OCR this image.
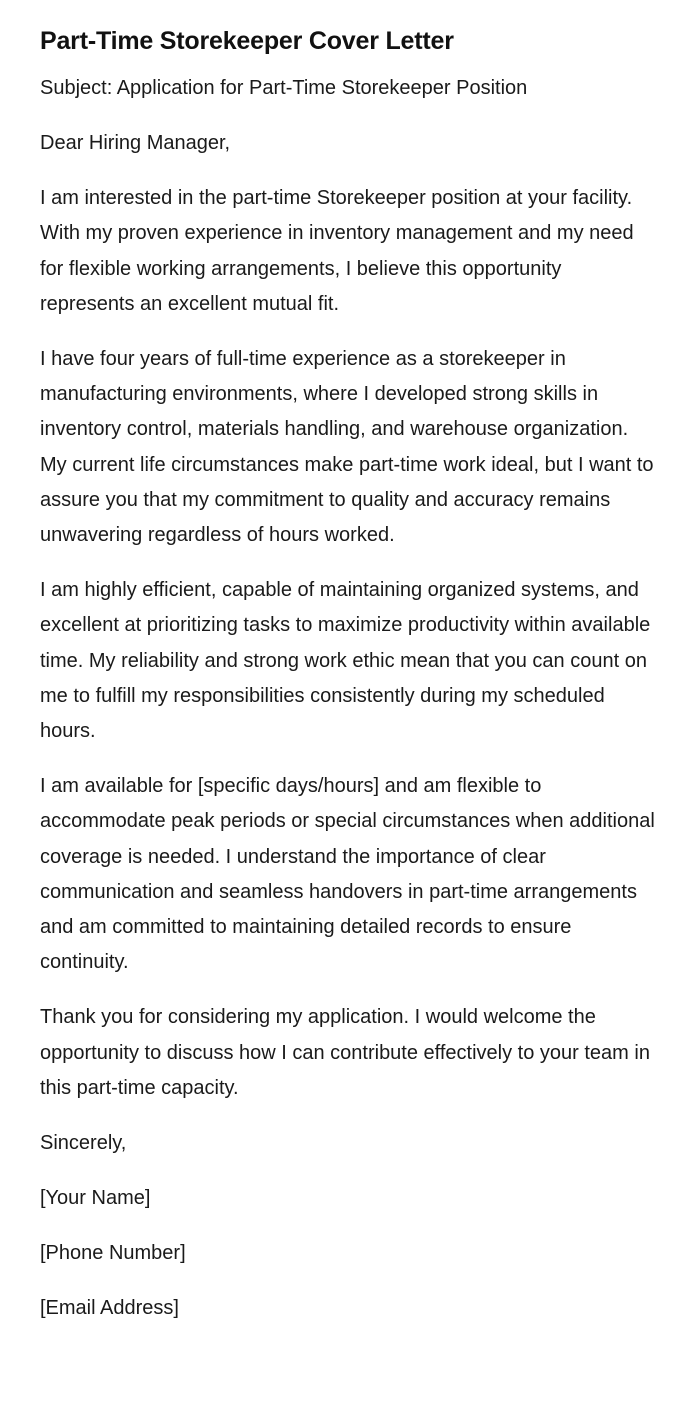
Part-Time Storekeeper Cover Letter

Subject: Application for Part-Time Storekeeper Position

Dear Hiring Manager,

I am interested in the part-time Storekeeper position at your facility. With my proven experience in inventory management and my need for flexible working arrangements, I believe this opportunity represents an excellent mutual fit.

I have four years of full-time experience as a storekeeper in manufacturing environments, where I developed strong skills in inventory control, materials handling, and warehouse organization. My current life circumstances make part-time work ideal, but I want to assure you that my commitment to quality and accuracy remains unwavering regardless of hours worked.

I am highly efficient, capable of maintaining organized systems, and excellent at prioritizing tasks to maximize productivity within available time. My reliability and strong work ethic mean that you can count on me to fulfill my responsibilities consistently during my scheduled hours.

I am available for [specific days/hours] and am flexible to accommodate peak periods or special circumstances when additional coverage is needed. I understand the importance of clear communication and seamless handovers in part-time arrangements and am committed to maintaining detailed records to ensure continuity.

Thank you for considering my application. I would welcome the opportunity to discuss how I can contribute effectively to your team in this part-time capacity.

Sincerely,

[Your Name]

[Phone Number]

[Email Address]
